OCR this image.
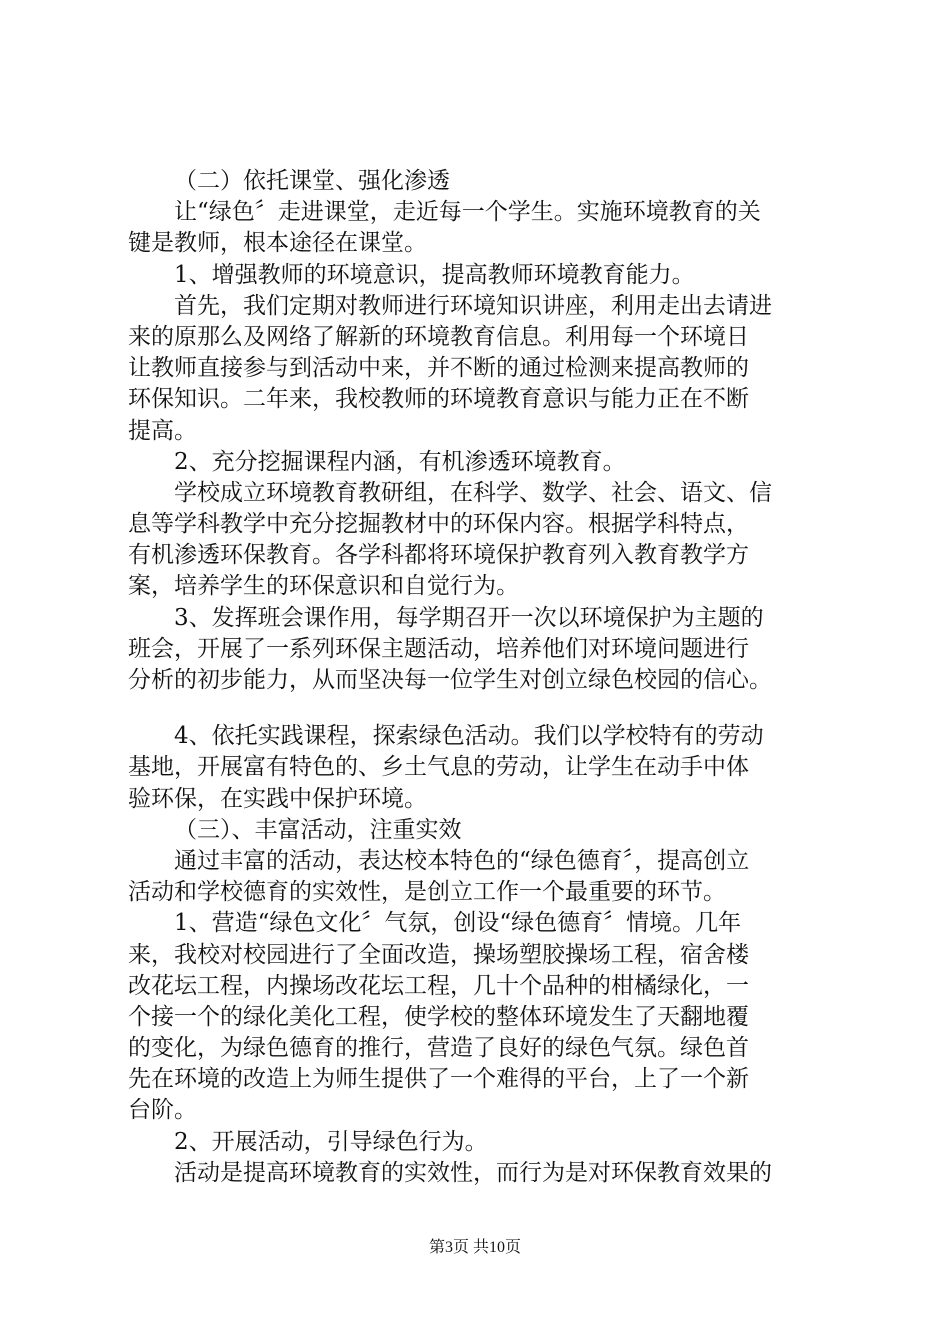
（二）依托课堂、强化渗透
让“绿色〞走进课堂，走近每一个学生。实施环境教育的关
键是教师，根本途径在课堂。
1、增强教师的环境意识，提高教师环境教育能力。
首先，我们定期对教师进行环境知识讲座，利用走出去请进
来的原那么及网络了解新的环境教育信息。利用每一个环境日
让教师直接参与到活动中来，并不断的通过检测来提高教师的
环保知识。二年来，我校教师的环境教育意识与能力正在不断
提高。
2、充分挖掘课程内涵，有机渗透环境教育。
学校成立环境教育教研组，在科学、数学、社会、语文、信
息等学科教学中充分挖掘教材中的环保内容。根据学科特点，
有机渗透环保教育。各学科都将环境保护教育列入教育教学方
案，培养学生的环保意识和自觉行为。
3、发挥班会课作用，每学期召开一次以环境保护为主题的
班会，开展了一系列环保主题活动，培养他们对环境问题进行
分析的初步能力，从而坚决每一位学生对创立绿色校园的信心。
4、依托实践课程，探索绿色活动。我们以学校特有的劳动
基地，开展富有特色的、乡土气息的劳动，让学生在动手中体
验环保，在实践中保护环境。
（三）、丰富活动，注重实效
通过丰富的活动，表达校本特色的“绿色德育〞，提高创立
活动和学校德育的实效性，是创立工作一个最重要的环节。
1、营造“绿色文化〞气氛，创设“绿色德育〞情境。几年
来，我校对校园进行了全面改造，操场塑胶操场工程，宿舍楼
改花坛工程，内操场改花坛工程，几十个品种的柑橘绿化，一
个接一个的绿化美化工程，使学校的整体环境发生了天翻地覆
的变化，为绿色德育的推行，营造了良好的绿色气氛。绿色首
先在环境的改造上为师生提供了一个难得的平台，上了一个新
台阶。
2、开展活动，引导绿色行为。
活动是提高环境教育的实效性，而行为是对环保教育效果的
第3页 共10页
